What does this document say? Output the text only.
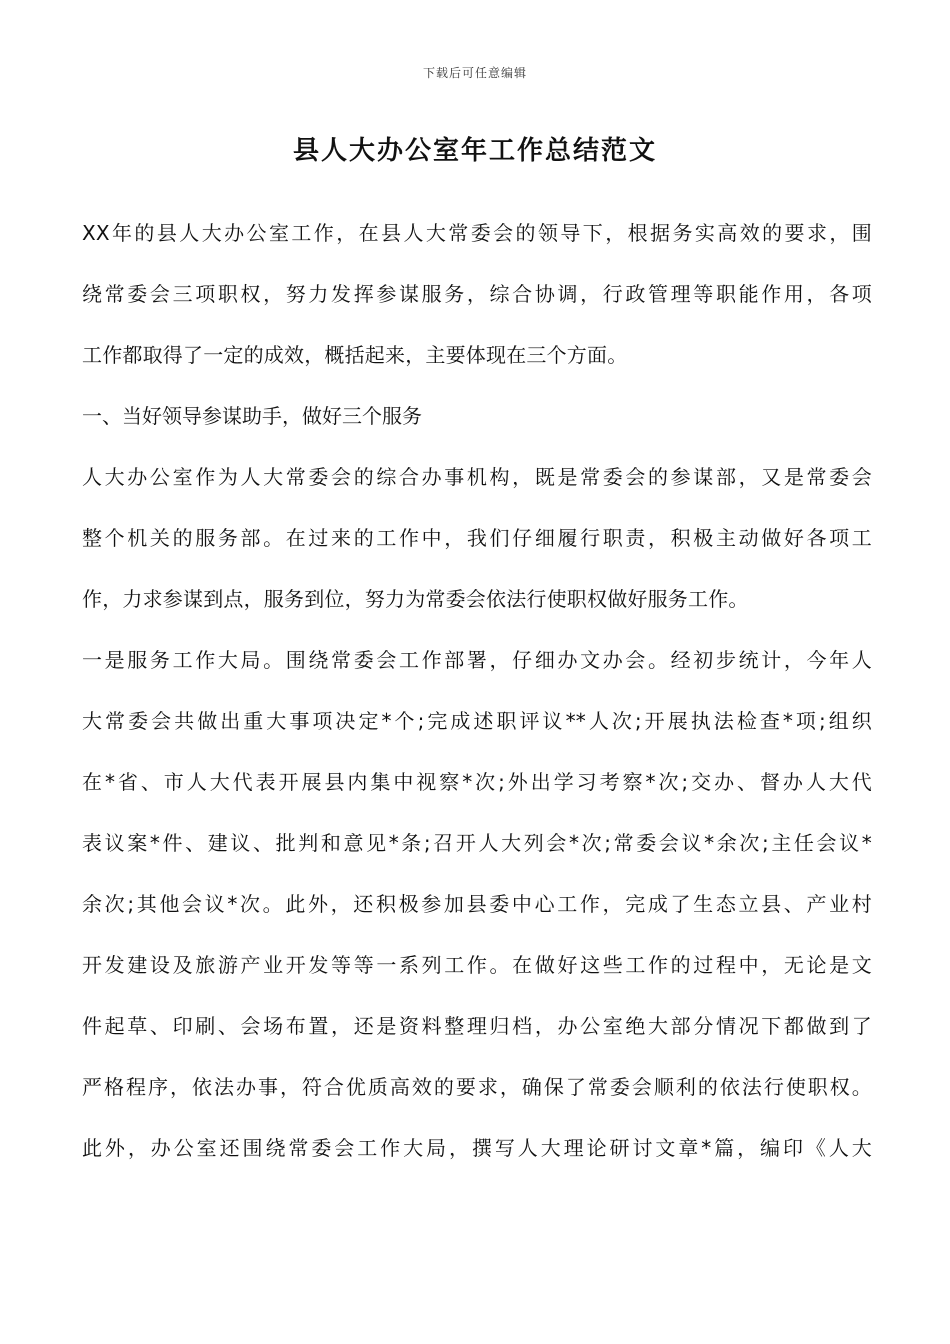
下载后可任意编辑
县人大办公室年工作总结范文
XX年的县人大办公室工作，在县人大常委会的领导下，根据务实高效的要求，围
绕常委会三项职权，努力发挥参谋服务，综合协调，行政管理等职能作用，各项
工作都取得了一定的成效，概括起来，主要体现在三个方面。
一、当好领导参谋助手，做好三个服务
人大办公室作为人大常委会的综合办事机构，既是常委会的参谋部，又是常委会
整个机关的服务部。在过来的工作中，我们仔细履行职责，积极主动做好各项工
作，力求参谋到点，服务到位，努力为常委会依法行使职权做好服务工作。
一是服务工作大局。围绕常委会工作部署，仔细办文办会。经初步统计，今年人
大常委会共做出重大事项决定*个;完成述职评议**人次;开展执法检查*项;组织
在*省、市人大代表开展县内集中视察*次;外出学习考察*次;交办、督办人大代
表议案*件、建议、批判和意见*条;召开人大列会*次;常委会议*余次;主任会议*
余次;其他会议*次。此外，还积极参加县委中心工作，完成了生态立县、产业村
开发建设及旅游产业开发等等一系列工作。在做好这些工作的过程中，无论是文
件起草、印刷、会场布置，还是资料整理归档，办公室绝大部分情况下都做到了
严格程序，依法办事，符合优质高效的要求，确保了常委会顺利的依法行使职权。
此外，办公室还围绕常委会工作大局，撰写人大理论研讨文章*篇，编印《人大
